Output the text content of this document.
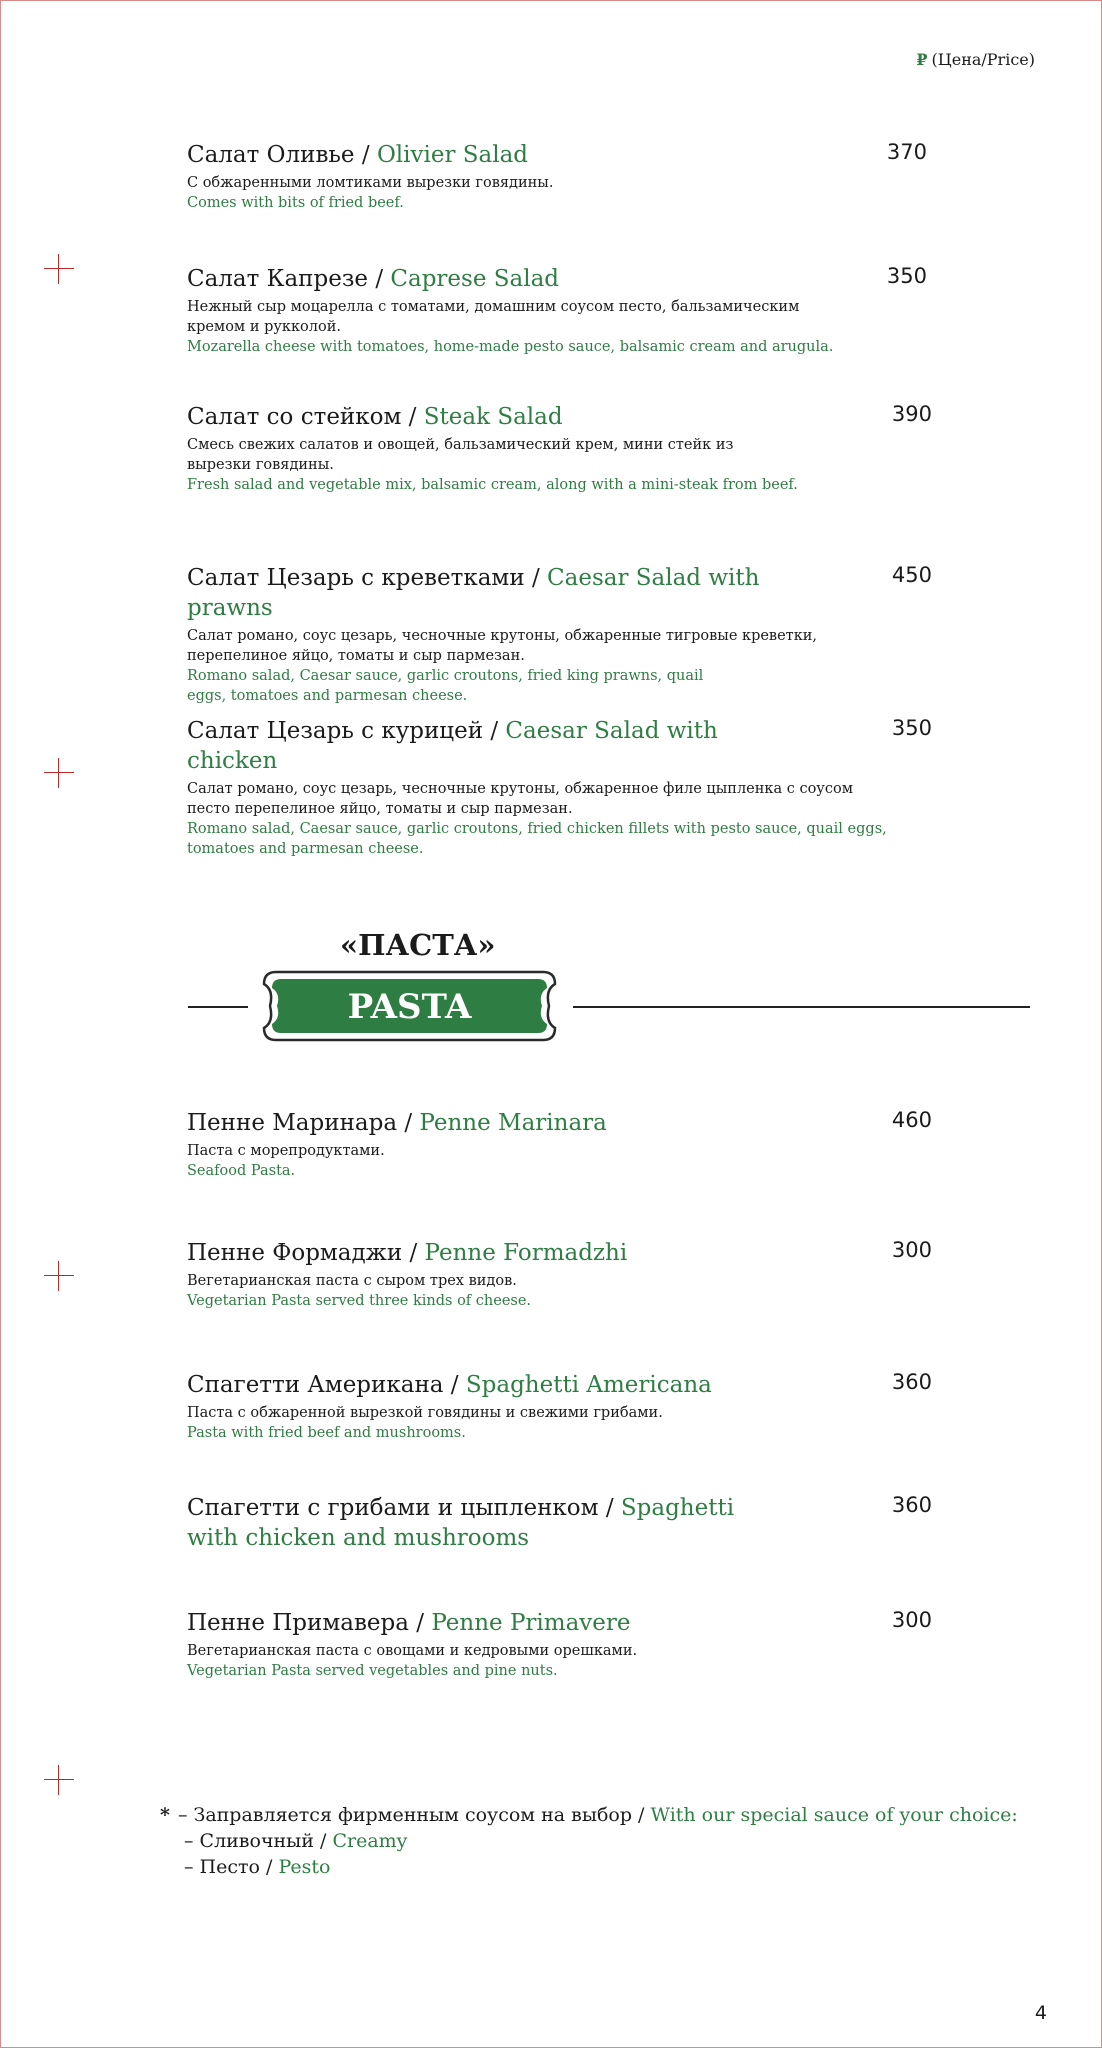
₽ (Цена/Price)
Салат Оливье / Olivier Salad
С обжаренными ломтиками вырезки говядины.
Comes with bits of fried beef.
370
Салат Капрезе / Caprese Salad
Нежный сыр моцарелла с томатами, домашним соусом песто, бальзамическим кремом и рукколой.
Mozarella cheese with tomatoes, home-made pesto sauce, balsamic cream and arugula.
350
Салат со стейком / Steak Salad
Смесь свежих салатов и овощей, бальзамический крем, мини стейк из вырезки говядины.
Fresh salad and vegetable mix, balsamic cream, along with a mini-steak from beef.
390
Салат Цезарь с креветками / Caesar Salad with prawns
Салат романо, соус цезарь, чесночные крутоны, обжаренные тигровые креветки, перепелиное яйцо, томаты и сыр пармезан.
Romano salad, Caesar sauce, garlic croutons, fried king prawns, quail eggs, tomatoes and parmesan cheese.
450
Салат Цезарь с курицей / Caesar Salad with chicken
Салат романо, соус цезарь, чесночные крутоны, обжаренное филе цыпленка с соусом песто перепелиное яйцо, томаты и сыр пармезан.
Romano salad, Caesar sauce, garlic croutons, fried chicken fillets with pesto sauce, quail eggs, tomatoes and parmesan cheese.
350
«ПАСТА»
PASTA
Пенне Маринара / Penne Marinara
Паста с морепродуктами.
Seafood Pasta.
460
Пенне Формаджи / Penne Formadzhi
Вегетарианская паста с сыром трех видов.
Vegetarian Pasta served three kinds of cheese.
300
Спагетти Американа / Spaghetti Americana
Паста с обжаренной вырезкой говядины и свежими грибами.
Pasta with fried beef and mushrooms.
360
Спагетти с грибами и цыпленком / Spaghetti with chicken and mushrooms
360
Пенне Примавера / Penne Primavere
Вегетарианская паста с овощами и кедровыми орешками.
Vegetarian Pasta served vegetables and pine nuts.
300
* – Заправляется фирменным соусом на выбор / With our special sauce of your choice:
– Сливочный / Creamy
– Песто / Pesto
4
